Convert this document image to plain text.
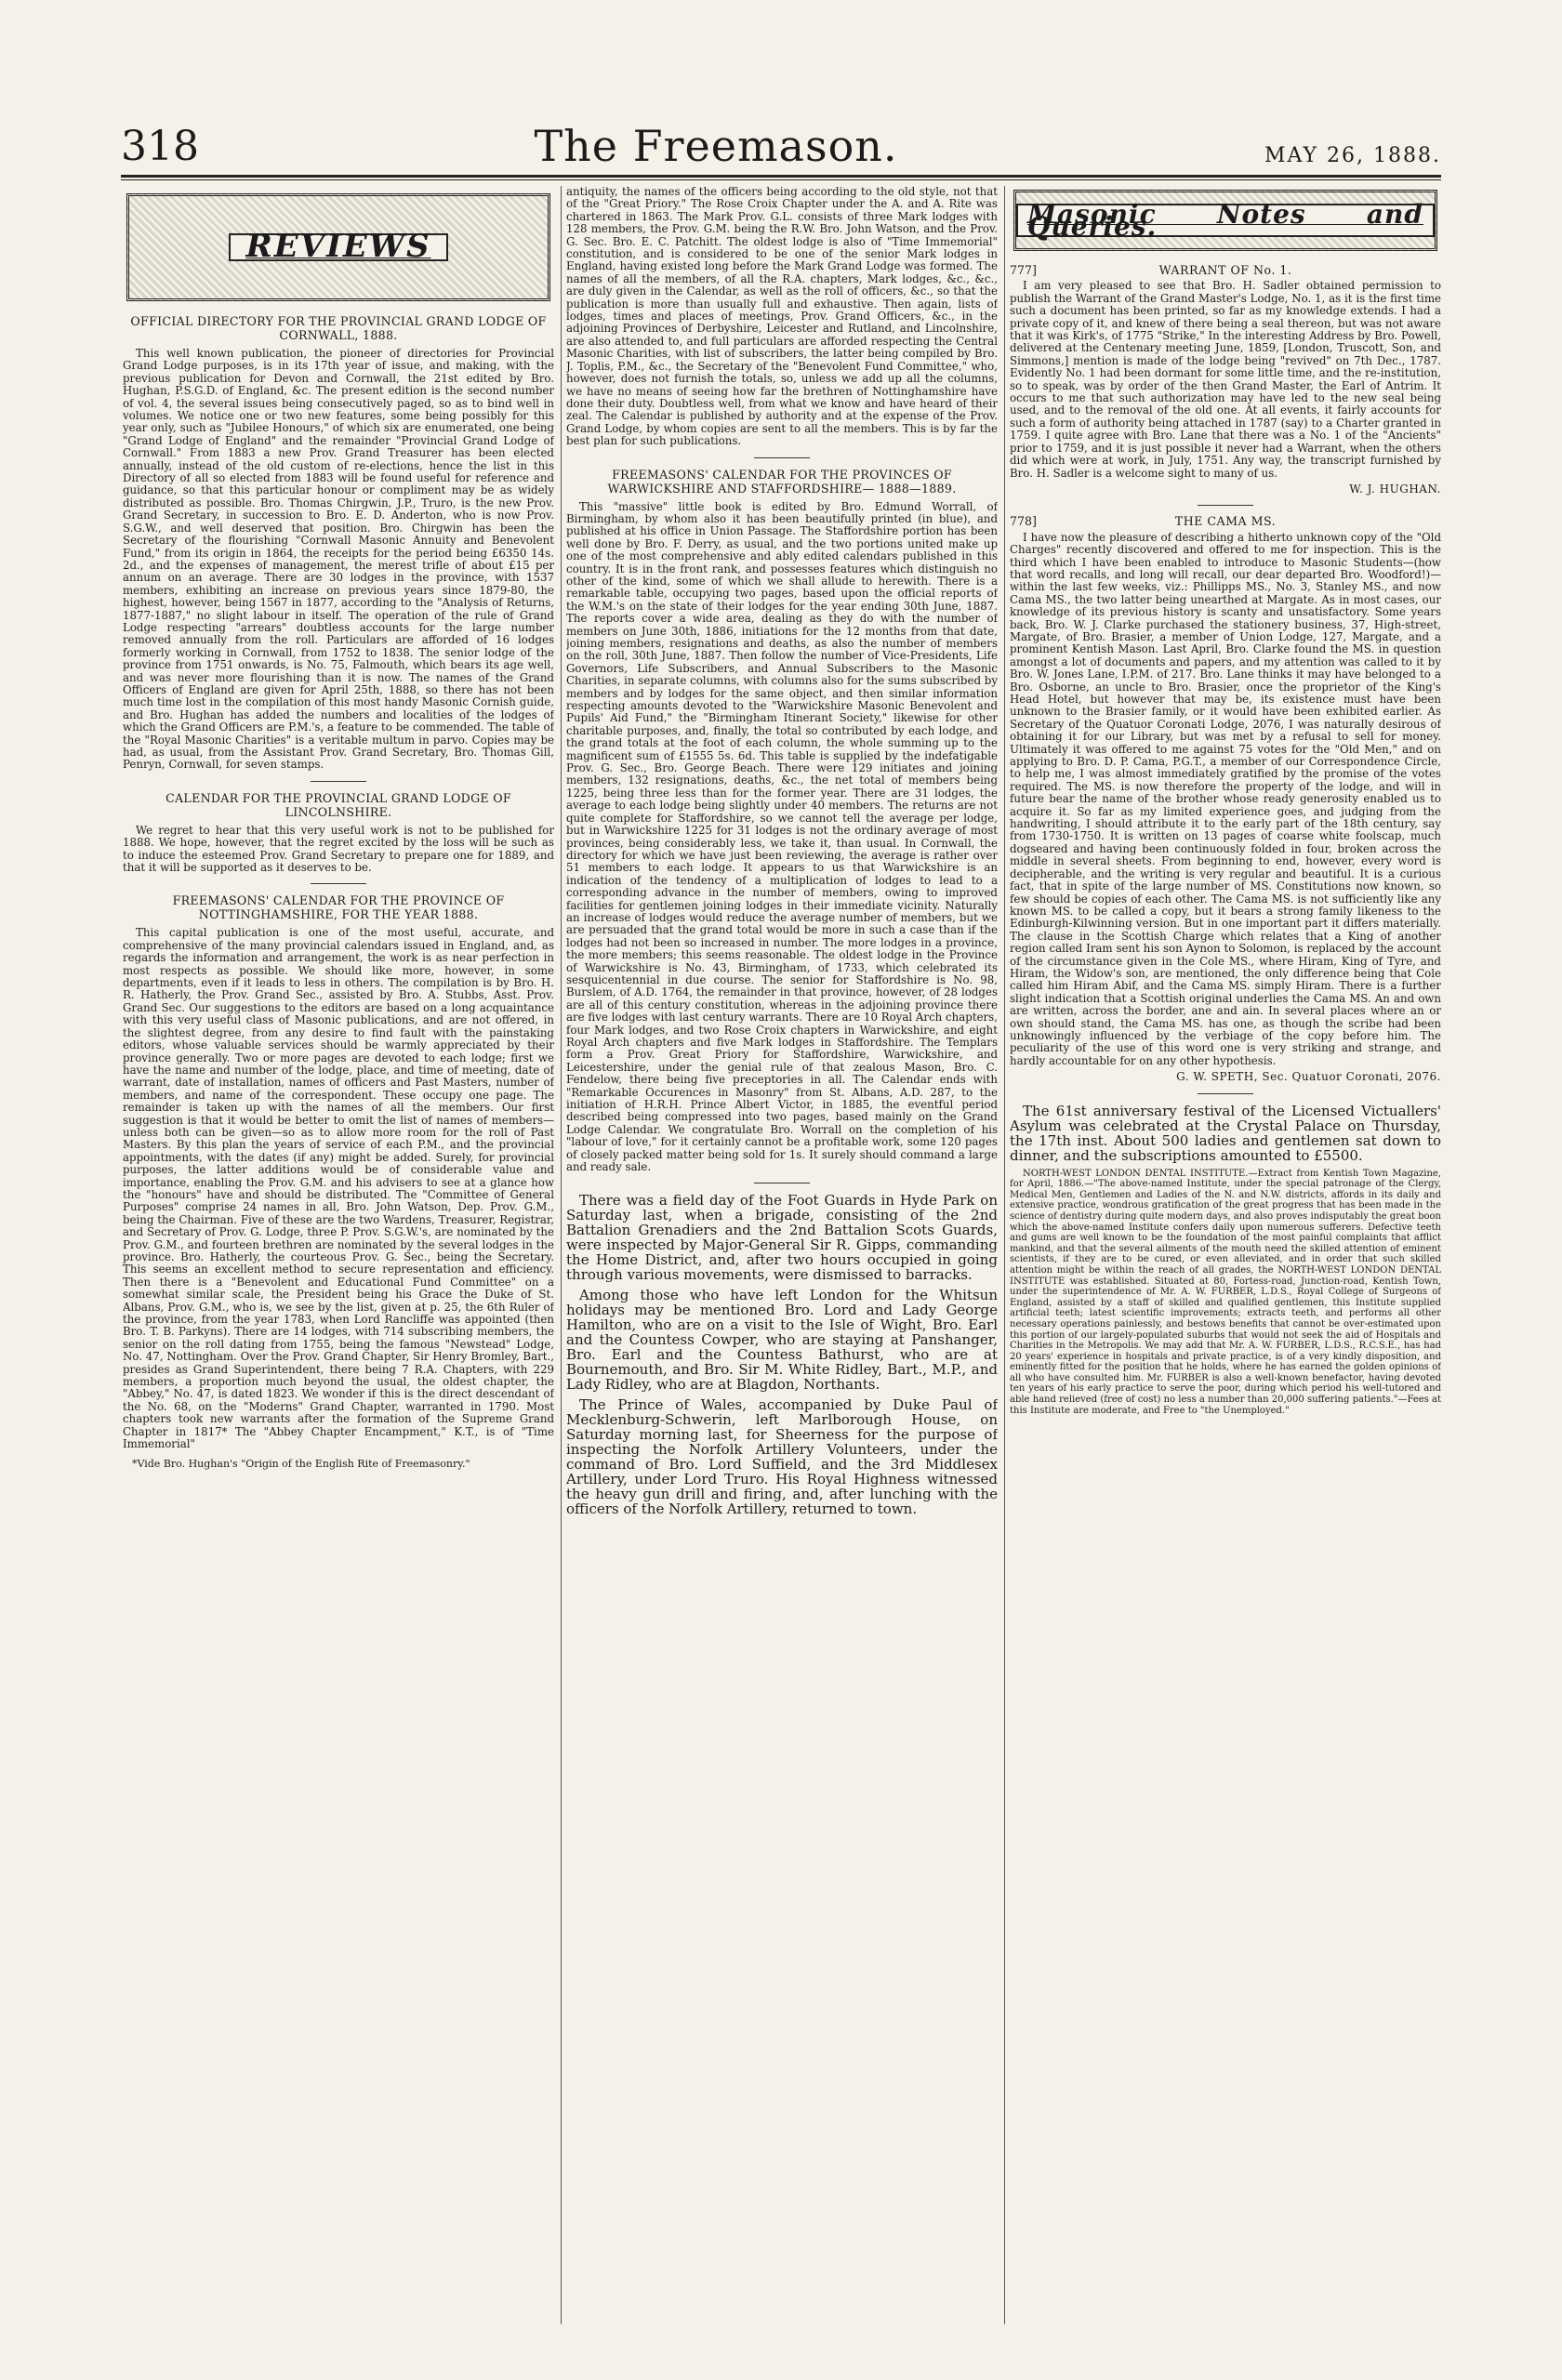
318	The Freemason.	MAY 26, 1888.
REVIEWS
OFFICIAL DIRECTORY FOR THE PROVINCIAL GRAND LODGE OF CORNWALL, 1888.

This well known publication, the pioneer of directories for Provincial Grand Lodge purposes, is in its 17th year of issue, and making, with the previous publication for Devon and Cornwall, the 21st edited by Bro. Hughan, P.S.G.D. of England, &c. The present edition is the second number of vol. 4, the several issues being consecutively paged, so as to bind well in volumes. We notice one or two new features, some being possibly for this year only, such as "Jubilee Honours," of which six are enumerated, one being "Grand Lodge of England" and the remainder "Provincial Grand Lodge of Cornwall." From 1883 a new Prov. Grand Treasurer has been elected annually, instead of the old custom of re-elections, hence the list in this Directory of all so elected from 1883 will be found useful for reference and guidance, so that this particular honour or compliment may be as widely distributed as possible. Bro. Thomas Chirgwin, J.P., Truro, is the new Prov. Grand Secretary, in succession to Bro. E. D. Anderton, who is now Prov. S.G.W., and well deserved that position. Bro. Chirgwin has been the Secretary of the flourishing "Cornwall Masonic Annuity and Benevolent Fund," from its origin in 1864, the receipts for the period being £6350 14s. 2d., and the expenses of management, the merest trifle of about £15 per annum on an average. There are 30 lodges in the province, with 1537 members, exhibiting an increase on previous years since 1879-80, the highest, however, being 1567 in 1877, according to the "Analysis of Returns, 1877-1887," no slight labour in itself. The operation of the rule of Grand Lodge respecting "arrears" doubtless accounts for the large number removed annually from the roll. Particulars are afforded of 16 lodges formerly working in Cornwall, from 1752 to 1838. The senior lodge of the province from 1751 onwards, is No. 75, Falmouth, which bears its age well, and was never more flourishing than it is now. The names of the Grand Officers of England are given for April 25th, 1888, so there has not been much time lost in the compilation of this most handy Masonic Cornish guide, and Bro. Hughan has added the numbers and localities of the lodges of which the Grand Officers are P.M.'s, a feature to be commended. The table of the "Royal Masonic Charities" is a veritable multum in parvo. Copies may be had, as usual, from the Assistant Prov. Grand Secretary, Bro. Thomas Gill, Penryn, Cornwall, for seven stamps.

CALENDAR FOR THE PROVINCIAL GRAND LODGE OF LINCOLNSHIRE.

We regret to hear that this very useful work is not to be published for 1888. We hope, however, that the regret excited by the loss will be such as to induce the esteemed Prov. Grand Secretary to prepare one for 1889, and that it will be supported as it deserves to be.

FREEMASONS' CALENDAR FOR THE PROVINCE OF NOTTINGHAMSHIRE, FOR THE YEAR 1888.

This capital publication is one of the most useful, accurate, and comprehensive of the many provincial calendars issued in England, and, as regards the information and arrangement, the work is as near perfection in most respects as possible. We should like more, however, in some departments, even if it leads to less in others. The compilation is by Bro. H. R. Hatherly, the Prov. Grand Sec., assisted by Bro. A. Stubbs, Asst. Prov. Grand Sec. Our suggestions to the editors are based on a long acquaintance with this very useful class of Masonic publications, and are not offered, in the slightest degree, from any desire to find fault with the painstaking editors, whose valuable services should be warmly appreciated by their province generally. Two or more pages are devoted to each lodge; first we have the name and number of the lodge, place, and time of meeting, date of warrant, date of installation, names of officers and Past Masters, number of members, and name of the correspondent. These occupy one page. The remainder is taken up with the names of all the members. Our first suggestion is that it would be better to omit the list of names of members—unless both can be given—so as to allow more room for the roll of Past Masters. By this plan the years of service of each P.M., and the provincial appointments, with the dates (if any) might be added. Surely, for provincial purposes, the latter additions would be of considerable value and importance, enabling the Prov. G.M. and his advisers to see at a glance how the "honours" have and should be distributed. The "Committee of General Purposes" comprise 24 names in all, Bro. John Watson, Dep. Prov. G.M., being the Chairman. Five of these are the two Wardens, Treasurer, Registrar, and Secretary of Prov. G. Lodge, three P. Prov. S.G.W.'s, are nominated by the Prov. G.M., and fourteen brethren are nominated by the several lodges in the province. Bro. Hatherly, the courteous Prov. G. Sec., being the Secretary. This seems an excellent method to secure representation and efficiency. Then there is a "Benevolent and Educational Fund Committee" on a somewhat similar scale, the President being his Grace the Duke of St. Albans, Prov. G.M., who is, we see by the list, given at p. 25, the 6th Ruler of the province, from the year 1783, when Lord Rancliffe was appointed (then Bro. T. B. Parkyns). There are 14 lodges, with 714 subscribing members, the senior on the roll dating from 1755, being the famous "Newstead" Lodge, No. 47, Nottingham. Over the Prov. Grand Chapter, Sir Henry Bromley, Bart., presides as Grand Superintendent, there being 7 R.A. Chapters, with 229 members, a proportion much beyond the usual, the oldest chapter, the "Abbey," No. 47, is dated 1823. We wonder if this is the direct descendant of the No. 68, on the "Moderns" Grand Chapter, warranted in 1790. Most chapters took new warrants after the formation of the Supreme Grand Chapter in 1817* The "Abbey Chapter Encampment," K.T., is of "Time Immemorial"

*Vide Bro. Hughan's "Origin of the English Rite of Freemasonry."

antiquity, the names of the officers being according to the old style, not that of the "Great Priory." The Rose Croix Chapter under the A. and A. Rite was chartered in 1863. The Mark Prov. G.L. consists of three Mark lodges with 128 members, the Prov. G.M. being the R.W. Bro. John Watson, and the Prov. G. Sec. Bro. E. C. Patchitt. The oldest lodge is also of "Time Immemorial" constitution, and is considered to be one of the senior Mark lodges in England, having existed long before the Mark Grand Lodge was formed. The names of all the members, of all the R.A. chapters, Mark lodges, &c., &c., are duly given in the Calendar, as well as the roll of officers, &c., so that the publication is more than usually full and exhaustive. Then again, lists of lodges, times and places of meetings, Prov. Grand Officers, &c., in the adjoining Provinces of Derbyshire, Leicester and Rutland, and Lincolnshire, are also attended to, and full particulars are afforded respecting the Central Masonic Charities, with list of subscribers, the latter being compiled by Bro. J. Toplis, P.M., &c., the Secretary of the "Benevolent Fund Committee," who, however, does not furnish the totals, so, unless we add up all the columns, we have no means of seeing how far the brethren of Nottinghamshire have done their duty. Doubtless well, from what we know and have heard of their zeal. The Calendar is published by authority and at the expense of the Prov. Grand Lodge, by whom copies are sent to all the members. This is by far the best plan for such publications.

FREEMASONS' CALENDAR FOR THE PROVINCES OF WARWICKSHIRE AND STAFFORDSHIRE— 1888—1889.

This "massive" little book is edited by Bro. Edmund Worrall, of Birmingham, by whom also it has been beautifully printed (in blue), and published at his office in Union Passage. The Staffordshire portion has been well done by Bro. F. Derry, as usual, and the two portions united make up one of the most comprehensive and ably edited calendars published in this country. It is in the front rank, and possesses features which distinguish no other of the kind, some of which we shall allude to herewith. There is a remarkable table, occupying two pages, based upon the official reports of the W.M.'s on the state of their lodges for the year ending 30th June, 1887. The reports cover a wide area, dealing as they do with the number of members on June 30th, 1886, initiations for the 12 months from that date, joining members, resignations and deaths, as also the number of members on the roll, 30th June, 1887. Then follow the number of Vice-Presidents, Life Governors, Life Subscribers, and Annual Subscribers to the Masonic Charities, in separate columns, with columns also for the sums subscribed by members and by lodges for the same object, and then similar information respecting amounts devoted to the "Warwickshire Masonic Benevolent and Pupils' Aid Fund," the "Birmingham Itinerant Society," likewise for other charitable purposes, and, finally, the total so contributed by each lodge, and the grand totals at the foot of each column, the whole summing up to the magnificent sum of £1555 5s. 6d. This table is supplied by the indefatigable Prov. G. Sec., Bro. George Beach. There were 129 initiates and joining members, 132 resignations, deaths, &c., the net total of members being 1225, being three less than for the former year. There are 31 lodges, the average to each lodge being slightly under 40 members. The returns are not quite complete for Staffordshire, so we cannot tell the average per lodge, but in Warwickshire 1225 for 31 lodges is not the ordinary average of most provinces, being considerably less, we take it, than usual. In Cornwall, the directory for which we have just been reviewing, the average is rather over 51 members to each lodge. It appears to us that Warwickshire is an indication of the tendency of a multiplication of lodges to lead to a corresponding advance in the number of members, owing to improved facilities for gentlemen joining lodges in their immediate vicinity. Naturally an increase of lodges would reduce the average number of members, but we are persuaded that the grand total would be more in such a case than if the lodges had not been so increased in number. The more lodges in a province, the more members; this seems reasonable. The oldest lodge in the Province of Warwickshire is No. 43, Birmingham, of 1733, which celebrated its sesquicentennial in due course. The senior for Staffordshire is No. 98, Burslem, of A.D. 1764, the remainder in that province, however, of 28 lodges are all of this century constitution, whereas in the adjoining province there are five lodges with last century warrants. There are 10 Royal Arch chapters, four Mark lodges, and two Rose Croix chapters in Warwickshire, and eight Royal Arch chapters and five Mark lodges in Staffordshire. The Templars form a Prov. Great Priory for Staffordshire, Warwickshire, and Leicestershire, under the genial rule of that zealous Mason, Bro. C. Fendelow, there being five preceptories in all. The Calendar ends with "Remarkable Occurences in Masonry" from St. Albans, A.D. 287, to the initiation of H.R.H. Prince Albert Victor, in 1885, the eventful period described being compressed into two pages, based mainly on the Grand Lodge Calendar. We congratulate Bro. Worrall on the completion of his "labour of love," for it certainly cannot be a profitable work, some 120 pages of closely packed matter being sold for 1s. It surely should command a large and ready sale.

There was a field day of the Foot Guards in Hyde Park on Saturday last, when a brigade, consisting of the 2nd Battalion Grenadiers and the 2nd Battalion Scots Guards, were inspected by Major-General Sir R. Gipps, commanding the Home District, and, after two hours occupied in going through various movements, were dismissed to barracks.

Among those who have left London for the Whitsun holidays may be mentioned Bro. Lord and Lady George Hamilton, who are on a visit to the Isle of Wight, Bro. Earl and the Countess Cowper, who are staying at Panshanger, Bro. Earl and the Countess Bathurst, who are at Bournemouth, and Bro. Sir M. White Ridley, Bart., M.P., and Lady Ridley, who are at Blagdon, Northants.

The Prince of Wales, accompanied by Duke Paul of Mecklenburg-Schwerin, left Marlborough House, on Saturday morning last, for Sheerness for the purpose of inspecting the Norfolk Artillery Volunteers, under the command of Bro. Lord Suffield, and the 3rd Middlesex Artillery, under Lord Truro. His Royal Highness witnessed the heavy gun drill and firing, and, after lunching with the officers of the Norfolk Artillery, returned to town.

Masonic Notes and Queries.
777]	WARRANT OF No. 1.

I am very pleased to see that Bro. H. Sadler obtained permission to publish the Warrant of the Grand Master's Lodge, No. 1, as it is the first time such a document has been printed, so far as my knowledge extends. I had a private copy of it, and knew of there being a seal thereon, but was not aware that it was Kirk's, of 1775 "Strike," In the interesting Address by Bro. Powell, delivered at the Centenary meeting June, 1859, [London, Truscott, Son, and Simmons,] mention is made of the lodge being "revived" on 7th Dec., 1787. Evidently No. 1 had been dormant for some little time, and the re-institution, so to speak, was by order of the then Grand Master, the Earl of Antrim. It occurs to me that such authorization may have led to the new seal being used, and to the removal of the old one. At all events, it fairly accounts for such a form of authority being attached in 1787 (say) to a Charter granted in 1759. I quite agree with Bro. Lane that there was a No. 1 of the "Ancients" prior to 1759, and it is just possible it never had a Warrant, when the others did which were at work, in July, 1751. Any way, the transcript furnished by Bro. H. Sadler is a welcome sight to many of us.

W. J. HUGHAN.
778]	THE CAMA MS.

I have now the pleasure of describing a hitherto unknown copy of the "Old Charges" recently discovered and offered to me for inspection. This is the third which I have been enabled to introduce to Masonic Students—(how that word recalls, and long will recall, our dear departed Bro. Woodford!)—within the last few weeks, viz.: Phillipps MS., No. 3, Stanley MS., and now Cama MS., the two latter being unearthed at Margate. As in most cases, our knowledge of its previous history is scanty and unsatisfactory. Some years back, Bro. W. J. Clarke purchased the stationery business, 37, High-street, Margate, of Bro. Brasier, a member of Union Lodge, 127, Margate, and a prominent Kentish Mason. Last April, Bro. Clarke found the MS. in question amongst a lot of documents and papers, and my attention was called to it by Bro. W. Jones Lane, I.P.M. of 217. Bro. Lane thinks it may have belonged to a Bro. Osborne, an uncle to Bro. Brasier, once the proprietor of the King's Head Hotel, but however that may be, its existence must have been unknown to the Brasier family, or it would have been exhibited earlier. As Secretary of the Quatuor Coronati Lodge, 2076, I was naturally desirous of obtaining it for our Library, but was met by a refusal to sell for money. Ultimately it was offered to me against 75 votes for the "Old Men," and on applying to Bro. D. P. Cama, P.G.T., a member of our Correspondence Circle, to help me, I was almost immediately gratified by the promise of the votes required. The MS. is now therefore the property of the lodge, and will in future bear the name of the brother whose ready generosity enabled us to acquire it. So far as my limited experience goes, and judging from the handwriting, I should attribute it to the early part of the 18th century, say from 1730-1750. It is written on 13 pages of coarse white foolscap, much dogseared and having been continuously folded in four, broken across the middle in several sheets. From beginning to end, however, every word is decipherable, and the writing is very regular and beautiful. It is a curious fact, that in spite of the large number of MS. Constitutions now known, so few should be copies of each other. The Cama MS. is not sufficiently like any known MS. to be called a copy, but it bears a strong family likeness to the Edinburgh-Kilwinning version. But in one important part it differs materially. The clause in the Scottish Charge which relates that a King of another region called Iram sent his son Aynon to Solomon, is replaced by the account of the circumstance given in the Cole MS., where Hiram, King of Tyre, and Hiram, the Widow's son, are mentioned, the only difference being that Cole called him Hiram Abif, and the Cama MS. simply Hiram. There is a further slight indication that a Scottish original underlies the Cama MS. An and own are written, across the border, ane and ain. In several places where an or own should stand, the Cama MS. has one, as though the scribe had been unknowingly influenced by the verbiage of the copy before him. The peculiarity of the use of this word one is very striking and strange, and hardly accountable for on any other hypothesis.

G. W. SPETH, Sec. Quatuor Coronati, 2076.

The 61st anniversary festival of the Licensed Victuallers' Asylum was celebrated at the Crystal Palace on Thursday, the 17th inst. About 500 ladies and gentlemen sat down to dinner, and the subscriptions amounted to £5500.

NORTH-WEST LONDON DENTAL INSTITUTE.—Extract from Kentish Town Magazine, for April, 1886.—"The above-named Institute, under the special patronage of the Clergy, Medical Men, Gentlemen and Ladies of the N. and N.W. districts, affords in its daily and extensive practice, wondrous gratification of the great progress that has been made in the science of dentistry during quite modern days, and also proves indisputably the great boon which the above-named Institute confers daily upon numerous sufferers. Defective teeth and gums are well known to be the foundation of the most painful complaints that afflict mankind, and that the several ailments of the mouth need the skilled attention of eminent scientists, if they are to be cured, or even alleviated, and in order that such skilled attention might be within the reach of all grades, the NORTH-WEST LONDON DENTAL INSTITUTE was established. Situated at 80, Fortess-road, Junction-road, Kentish Town, under the superintendence of Mr. A. W. FURBER, L.D.S., Royal College of Surgeons of England, assisted by a staff of skilled and qualified gentlemen, this Institute supplied artificial teeth; latest scientific improvements; extracts teeth, and performs all other necessary operations painlessly, and bestows benefits that cannot be over-estimated upon this portion of our largely-populated suburbs that would not seek the aid of Hospitals and Charities in the Metropolis. We may add that Mr. A. W. FURBER, L.D.S., R.C.S.E., has had 20 years' experience in hospitals and private practice, is of a very kindly disposition, and eminently fitted for the position that he holds, where he has earned the golden opinions of all who have consulted him. Mr. FURBER is also a well-known benefactor, having devoted ten years of his early practice to serve the poor, during which period his well-tutored and able hand relieved (free of cost) no less a number than 20,000 suffering patients."—Fees at this Institute are moderate, and Free to "the Unemployed."
